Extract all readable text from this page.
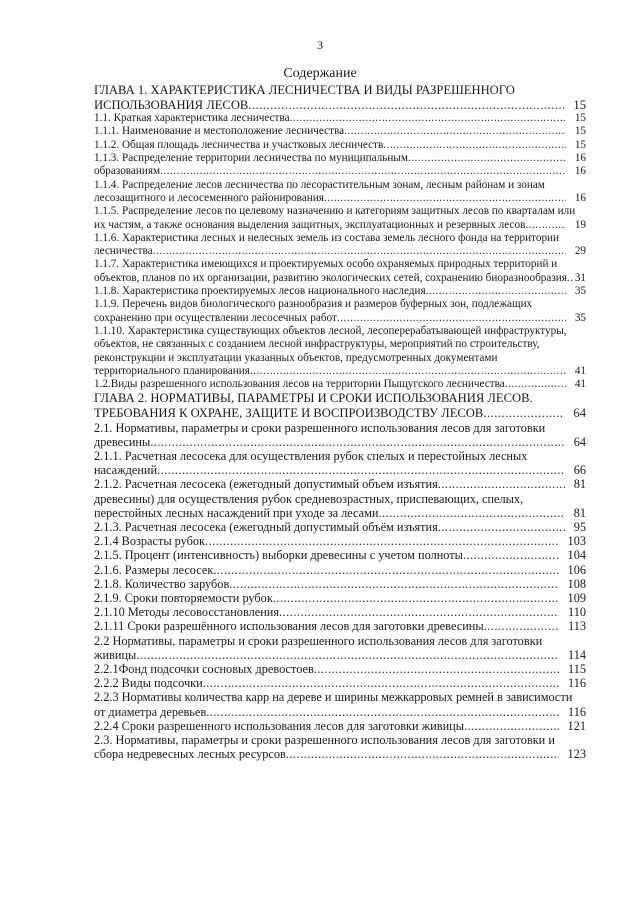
3
Содержание
ГЛАВА 1. ХАРАКТЕРИСТИКА ЛЕСНИЧЕСТВА И ВИДЫ РАЗРЕШЕННОГО ИСПОЛЬЗОВАНИЯ ЛЕСОВ .....	15
1.1. Краткая характеристика лесничества .....	15
1.1.1. Наименование и местоположение лесничества .....	15
1.1.2. Общая площадь лесничества и участковых лесничеств .....	15
1.1.3. Распределение территории лесничества по муниципальным .....	16
образованиям .....	16
1.1.4. Распределение лесов лесничества по лесорастительным зонам, лесным районам и зонам лесозащитного и лесосеменного районирования .....	16
1.1.5. Распределение лесов по целевому назначению и категориям защитных лесов по кварталам или их частям, а также основания выделения защитных, эксплуатационных и резервных лесов .....	19
1.1.6. Характеристика лесных и нелесных земель из состава земель лесного фонда на территории лесничества .....	29
1.1.7. Характеристика имеющихся и проектируемых особо охраняемых природных территорий и объектов, планов по их организации, развитию экологических сетей, сохранению биоразнообразия ..... 31
1.1.8. Характеристика проектируемых лесов национального наследия .....	35
1.1.9. Перечень видов биологического разнообразия и размеров буферных зон, подлежащих сохранению при осуществлении лесосечных работ .....	35
1.1.10. Характеристика существующих объектов лесной, лесоперерабатывающей инфраструктуры, объектов, не связанных с созданием лесной инфраструктуры, мероприятий по строительству, реконструкции и эксплуатации указанных объектов, предусмотренных документами территориального планирования .....	41
1.2.Виды разрешенного использования лесов на территории Пыщугского лесничества .....	41
ГЛАВА 2. НОРМАТИВЫ, ПАРАМЕТРЫ И СРОКИ ИСПОЛЬЗОВАНИЯ ЛЕСОВ. ТРЕБОВАНИЯ К ОХРАНЕ, ЗАЩИТЕ И ВОСПРОИЗВОДСТВУ ЛЕСОВ .....	64
2.1. Нормативы, параметры и сроки разрешенного использования лесов для заготовки древесины .....	64
2.1.1. Расчетная лесосека для осуществления рубок спелых и перестойных лесных насаждений .....	66
2.1.2. Расчетная лесосека (ежегодный допустимый объем изъятия .....	81
древесины) для осуществления рубок средневозрастных, приспевающих, спелых, перестойных лесных насаждений при уходе за лесами .....	81
2.1.3. Расчетная лесосека (ежегодный допустимый объём изъятия .....	95
2.1.4 Возрасты рубок .....	103
2.1.5. Процент (интенсивность) выборки древесины с учетом полноты .....	104
2.1.6. Размеры лесосек .....	106
2.1.8. Количество зарубов .....	108
2.1.9. Сроки повторяемости рубок .....	109
2.1.10 Методы лесовосстановления .....	110
2.1.11 Сроки разрешённого использования лесов для заготовки древесины .....	113
2.2 Нормативы, параметры и сроки разрешенного использования лесов для заготовки живицы .....	114
2.2.1Фонд подсочки сосновых древостоев .....	115
2.2.2 Виды подсочки .....	116
2.2.3 Нормативы количества карр на дереве и ширины межкарровых ремней в зависимости от диаметра деревьев .....	116
2.2.4 Сроки разрешенного использования лесов для заготовки живицы .....	121
2.3. Нормативы, параметры и сроки разрешенного использования лесов для заготовки и сбора недревесных лесных ресурсов .....	123
